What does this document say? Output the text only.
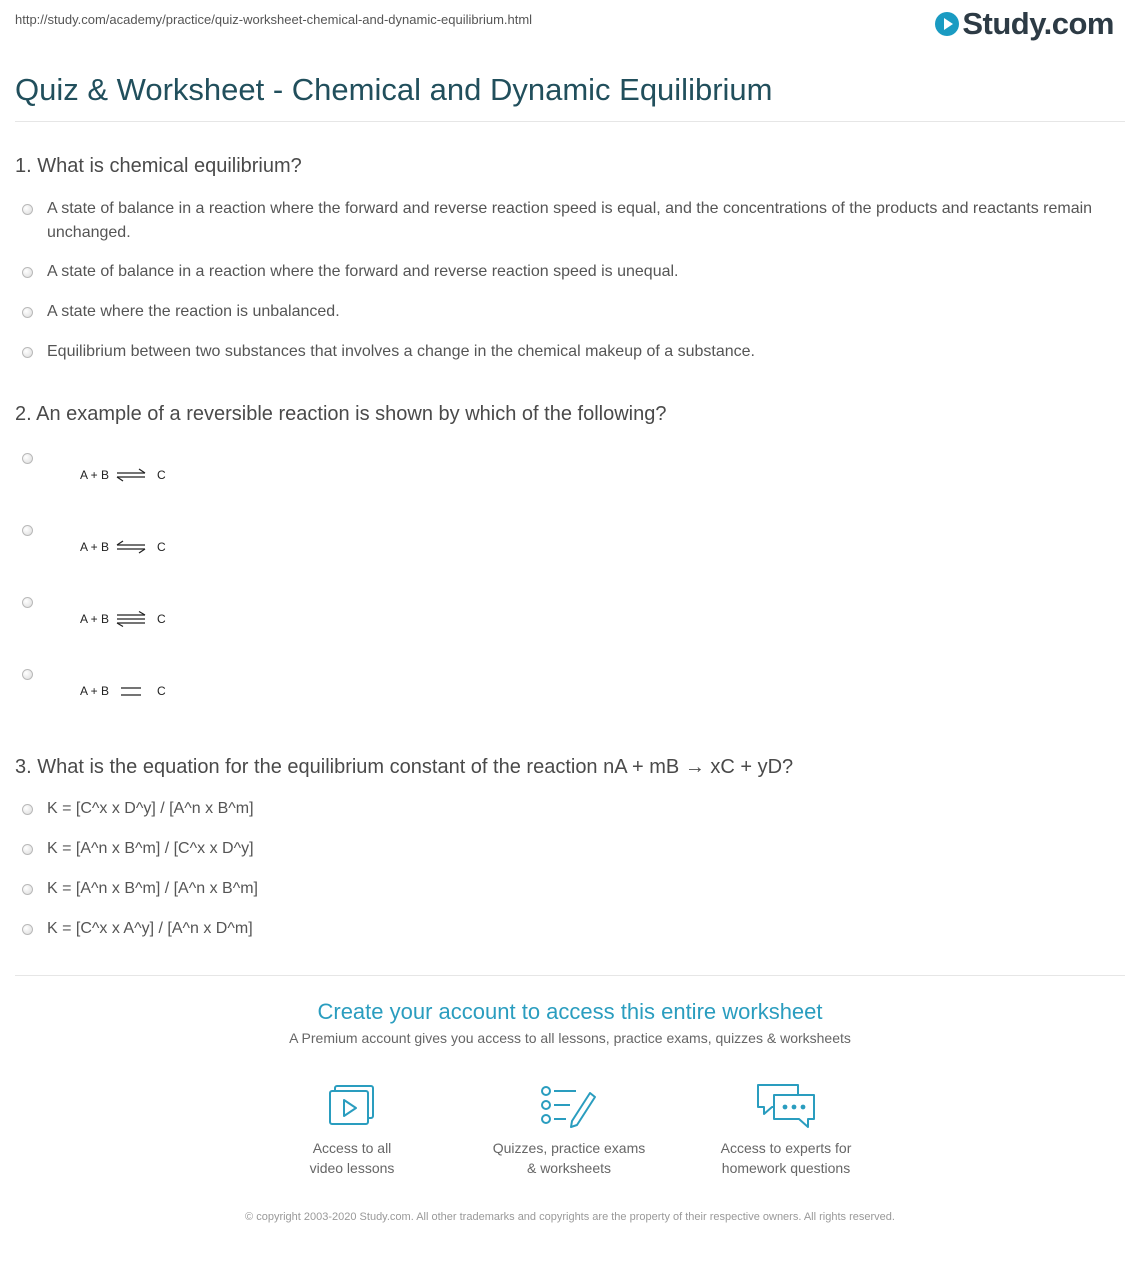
http://study.com/academy/practice/quiz-worksheet-chemical-and-dynamic-equilibrium.html	Study.com
Quiz & Worksheet - Chemical and Dynamic Equilibrium
1. What is chemical equilibrium?
A state of balance in a reaction where the forward and reverse reaction speed is equal, and the concentrations of the products and reactants remain unchanged.
A state of balance in a reaction where the forward and reverse reaction speed is unequal.
A state where the reaction is unbalanced.
Equilibrium between two substances that involves a change in the chemical makeup of a substance.
2. An example of a reversible reaction is shown by which of the following?
A + B	C
A + B	C
A + B	C
A + B	C
3. What is the equation for the equilibrium constant of the reaction nA + mB → xC + yD?
K = [C^x x D^y] / [A^n x B^m]
K = [A^n x B^m] / [C^x x D^y]
K = [A^n x B^m] / [A^n x B^m]
K = [C^x x A^y] / [A^n x D^m]
Create your account to access this entire worksheet
A Premium account gives you access to all lessons, practice exams, quizzes & worksheets
Access to all
video lessons
Quizzes, practice exams
& worksheets
Access to experts for
homework questions
© copyright 2003-2020 Study.com. All other trademarks and copyrights are the property of their respective owners. All rights reserved.
